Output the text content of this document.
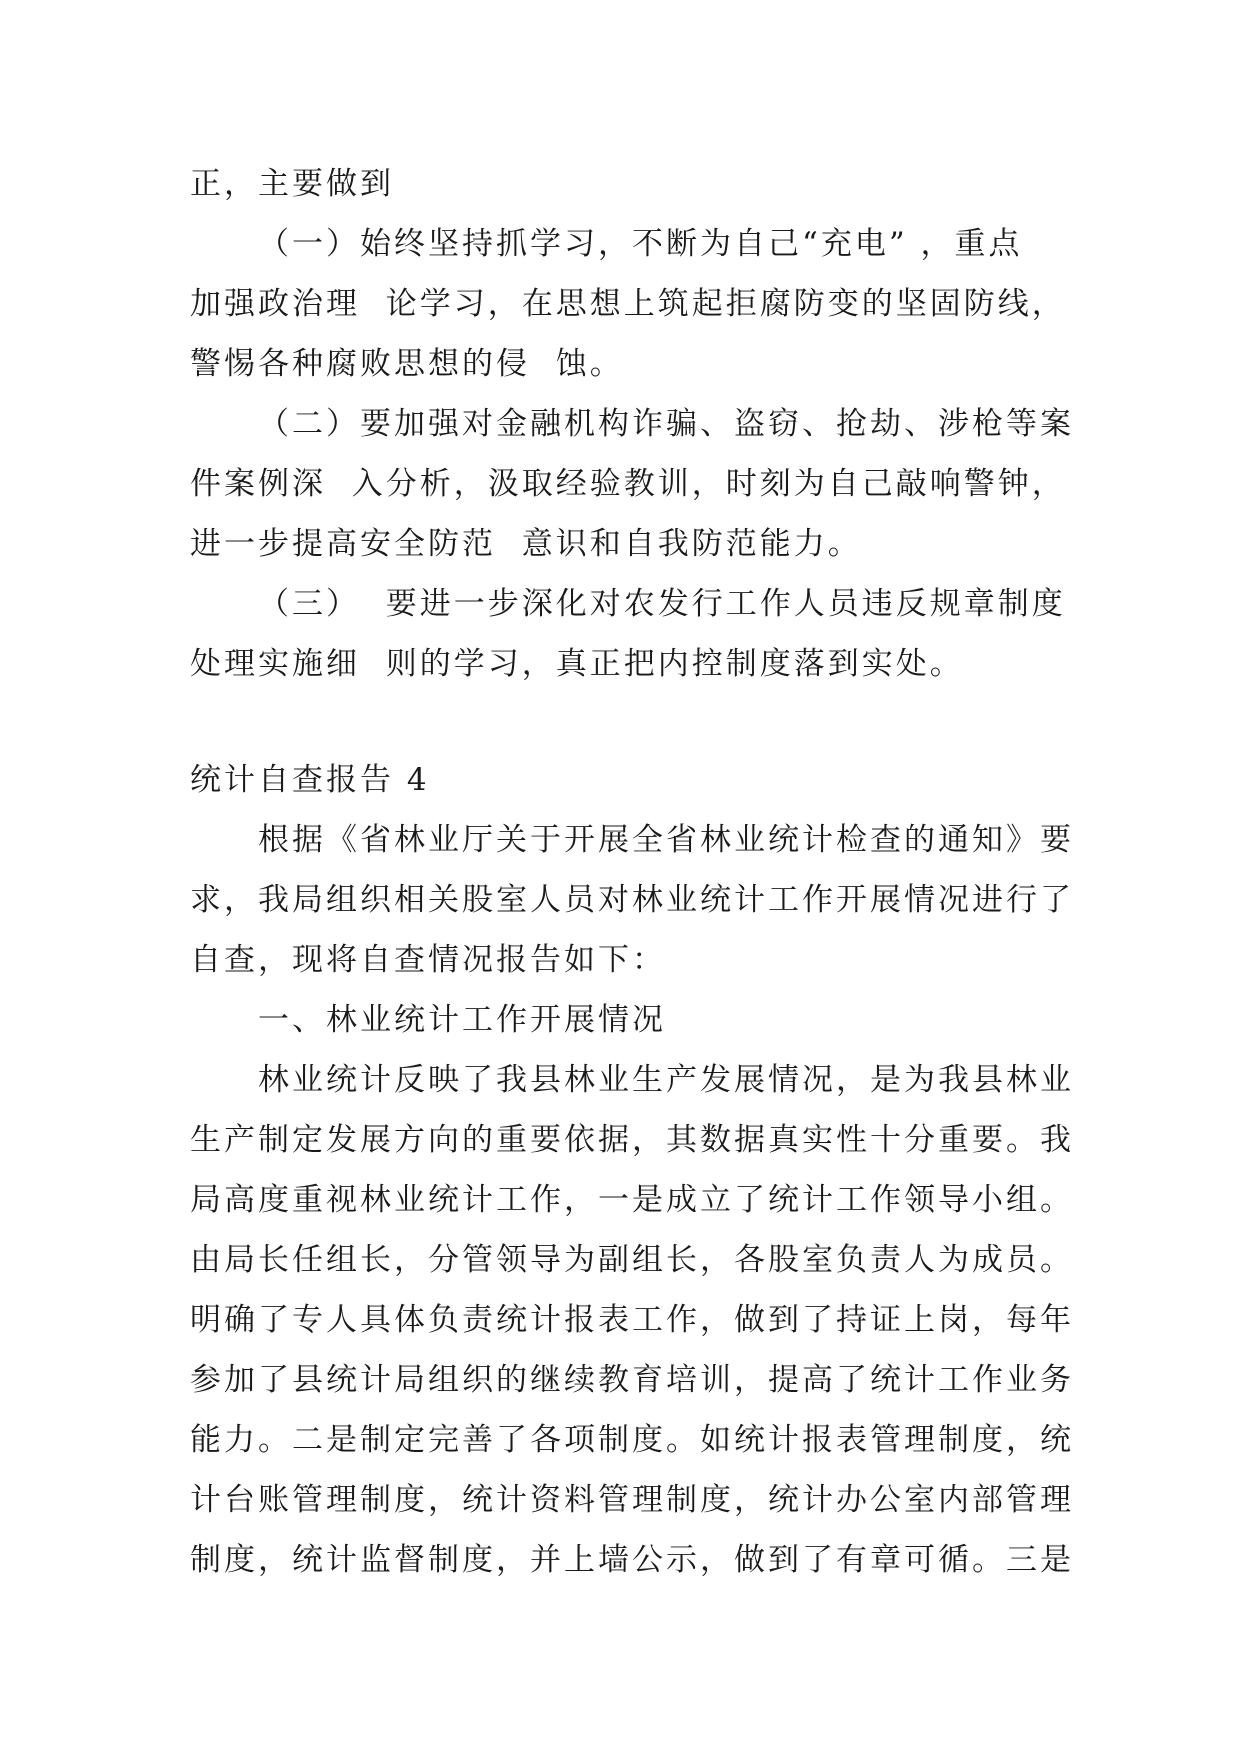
正，主要做到
（一）始终坚持抓学习，不断为自己“充电” ，重点
加强政治理  论学习，在思想上筑起拒腐防变的坚固防线，
警惕各种腐败思想的侵  蚀。
（二）要加强对金融机构诈骗、盗窃、抢劫、涉枪等案
件案例深  入分析，汲取经验教训，时刻为自己敲响警钟，
进一步提高安全防范  意识和自我防范能力。
（三）  要进一步深化对农发行工作人员违反规章制度
处理实施细  则的学习，真正把内控制度落到实处。
统计自查报告 4
根据《省林业厅关于开展全省林业统计检查的通知》要
求，我局组织相关股室人员对林业统计工作开展情况进行了
自查，现将自查情况报告如下：
一、林业统计工作开展情况
林业统计反映了我县林业生产发展情况，是为我县林业
生产制定发展方向的重要依据，其数据真实性十分重要。我
局高度重视林业统计工作，一是成立了统计工作领导小组。
由局长任组长，分管领导为副组长，各股室负责人为成员。
明确了专人具体负责统计报表工作，做到了持证上岗，每年
参加了县统计局组织的继续教育培训，提高了统计工作业务
能力。二是制定完善了各项制度。如统计报表管理制度，统
计台账管理制度，统计资料管理制度，统计办公室内部管理
制度，统计监督制度，并上墙公示，做到了有章可循。三是
